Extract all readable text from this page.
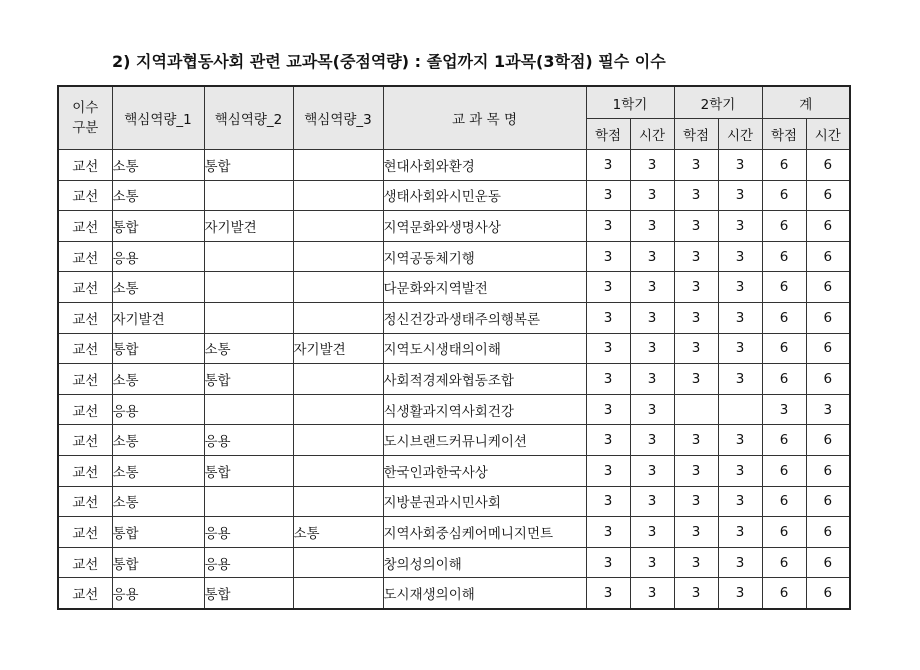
2) 지역과협동사회 관련 교과목(중점역량) : 졸업까지 1과목(3학점) 필수 이수
이수
구분	핵심역량_1	핵심역량_2	핵심역량_3	교 과 목 명	1학기		2학기		계	
					학점	시간	학점	시간	학점	시간
교선	소통	통합		현대사회와환경	3	3	3	3	6	6
교선	소통			생태사회와시민운동	3	3	3	3	6	6
교선	통합	자기발견		지역문화와생명사상	3	3	3	3	6	6
교선	응용			지역공동체기행	3	3	3	3	6	6
교선	소통			다문화와지역발전	3	3	3	3	6	6
교선	자기발견			정신건강과생태주의행복론	3	3	3	3	6	6
교선	통합	소통	자기발견	지역도시생태의이해	3	3	3	3	6	6
교선	소통	통합		사회적경제와협동조합	3	3	3	3	6	6
교선	응용			식생활과지역사회건강	3	3			3	3
교선	소통	응용		도시브랜드커뮤니케이션	3	3	3	3	6	6
교선	소통	통합		한국인과한국사상	3	3	3	3	6	6
교선	소통			지방분권과시민사회	3	3	3	3	6	6
교선	통합	응용	소통	지역사회중심케어메니지먼트	3	3	3	3	6	6
교선	통합	응용		창의성의이해	3	3	3	3	6	6
교선	응용	통합		도시재생의이해	3	3	3	3	6	6
